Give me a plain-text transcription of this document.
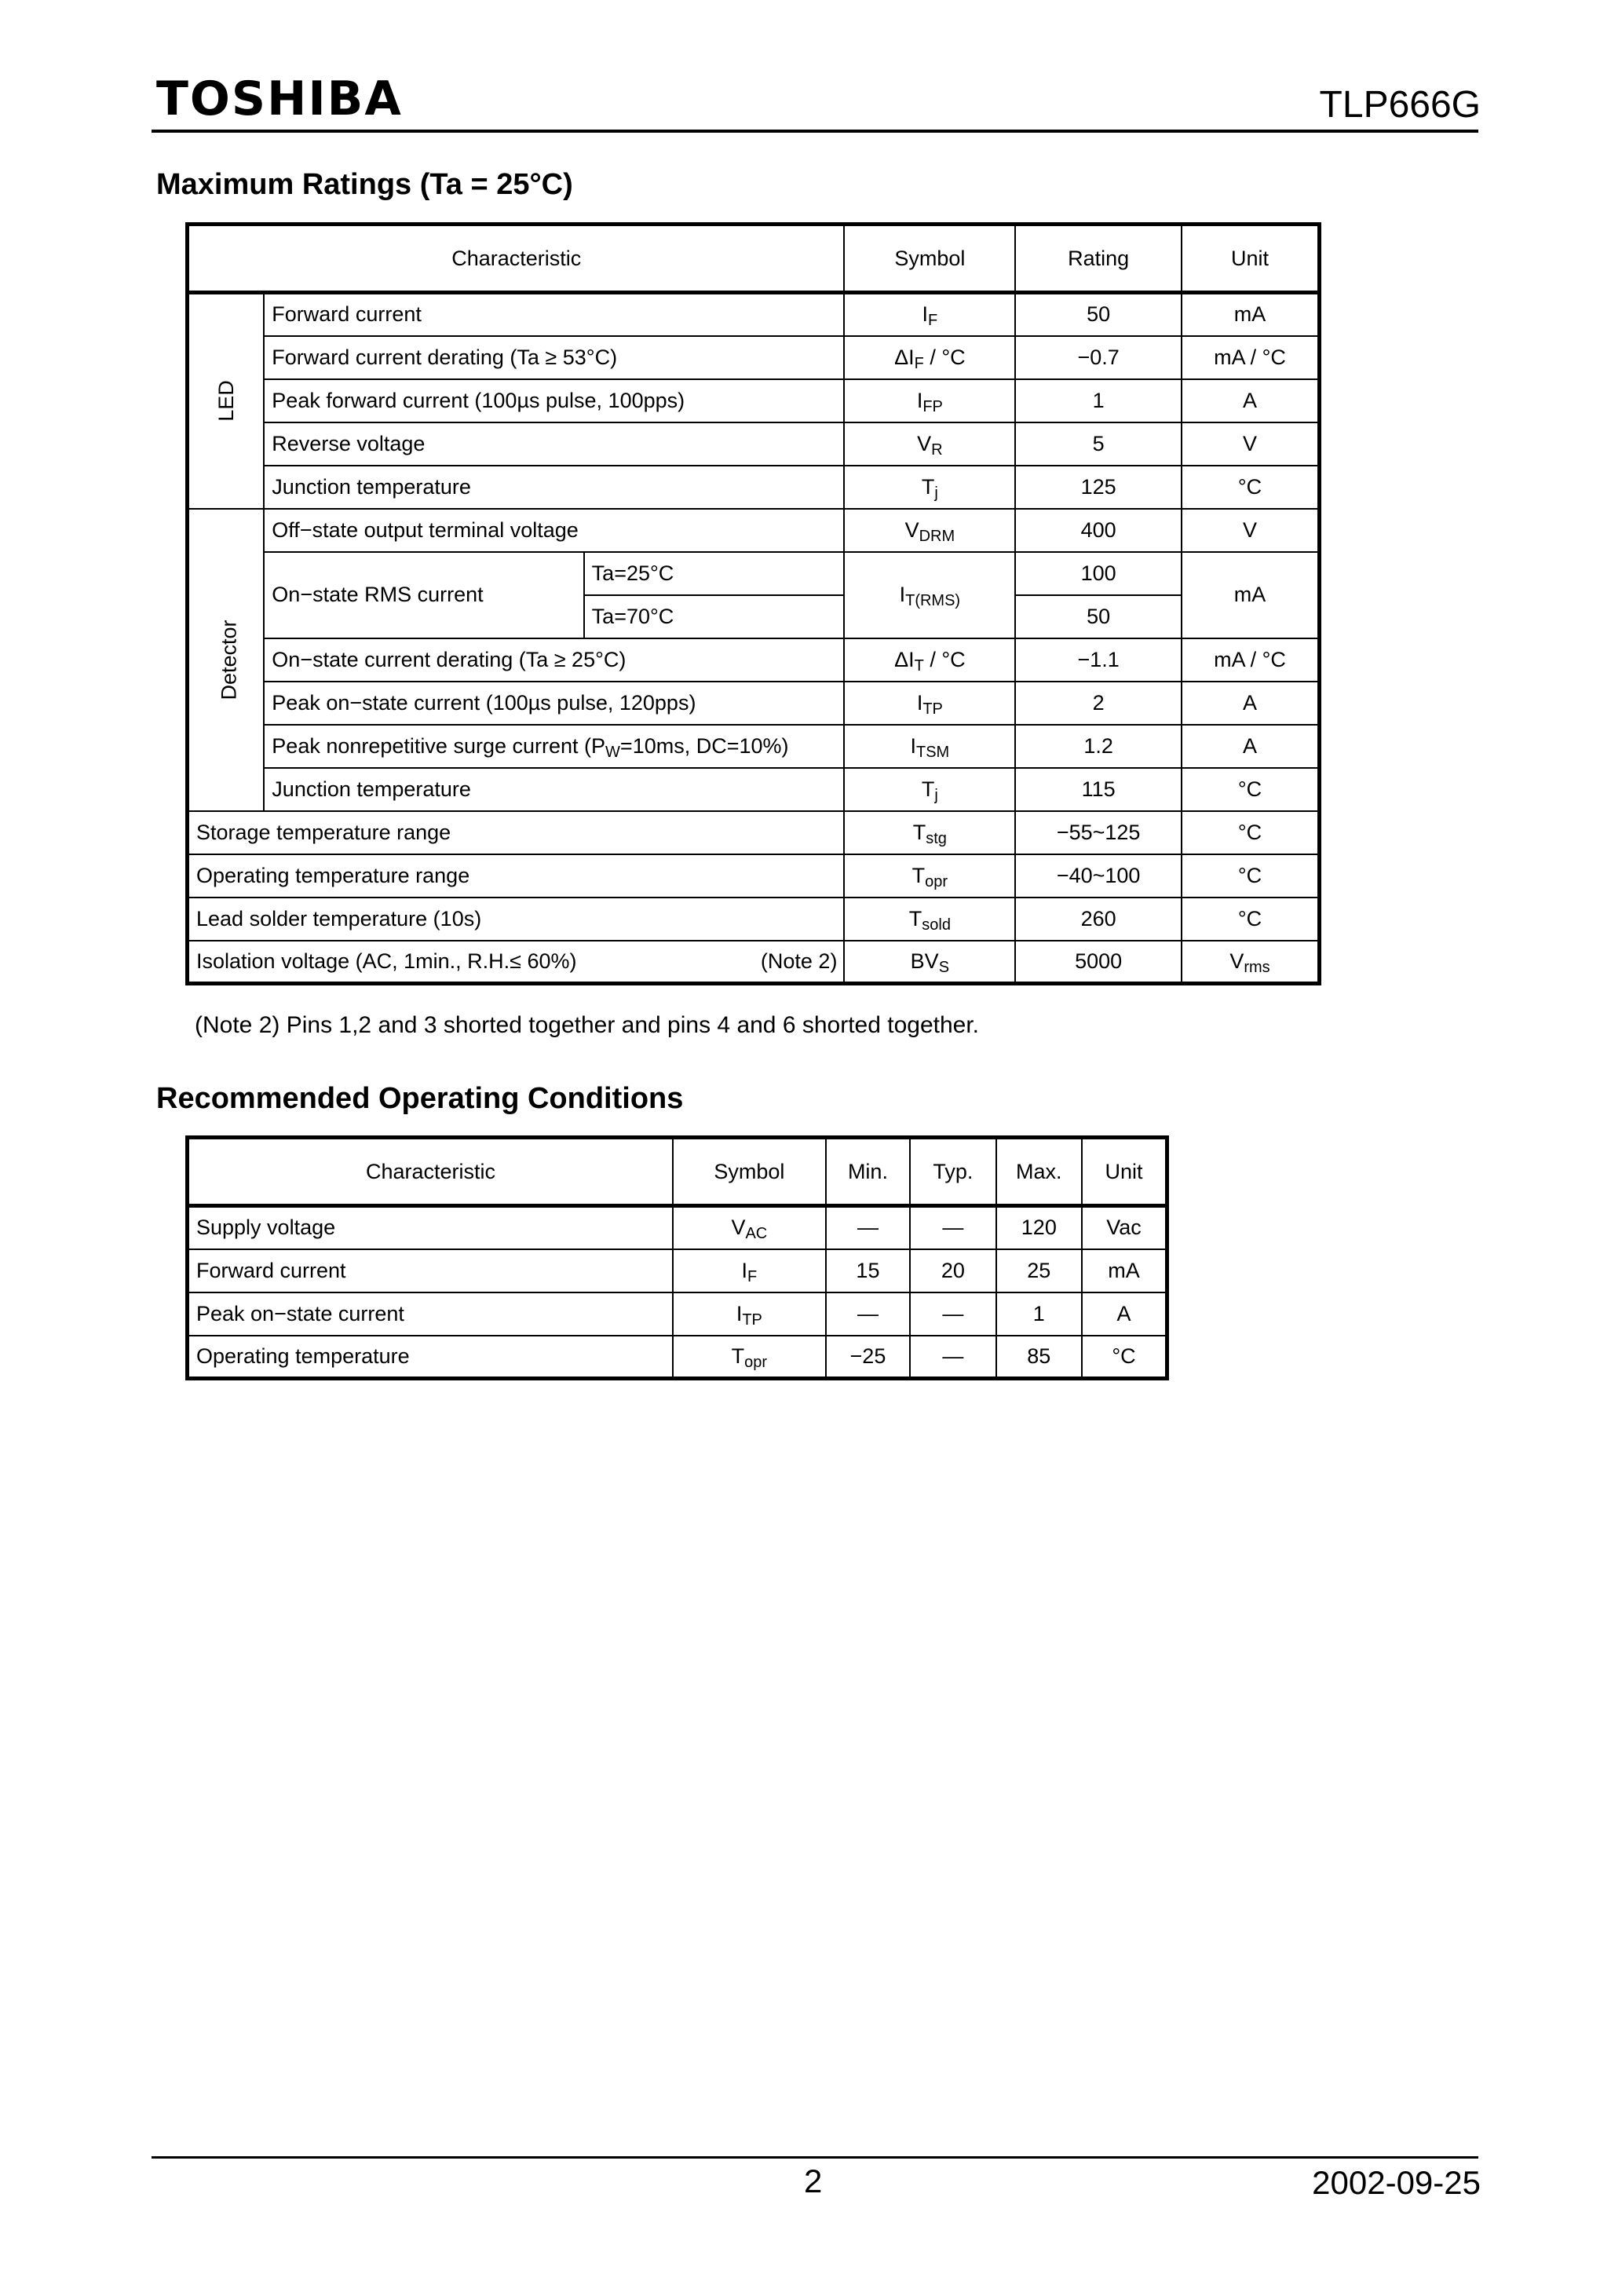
TOSHIBA	TLP666G
Maximum Ratings (Ta = 25°C)
Characteristic			Symbol	Rating	Unit
LED	Forward current		$I_F$	50	mA
	Forward current derating (Ta ≥ 53°C)		$\Delta I_F / ^\circ C$	−0.7	mA / °C
	Peak forward current (100µs pulse, 100pps)		$I_{FP}$	1	A
	Reverse voltage		$V_R$	5	V
	Junction temperature		$T_j$	125	°C
Detector	Off−state output terminal voltage		$V_{DRM}$	400	V
	On−state RMS current	Ta=25°C	$I_{T(RMS)}$	100	mA
		Ta=70°C		50	
	On−state current derating (Ta ≥ 25°C)		$\Delta I_T / ^\circ C$	−1.1	mA / °C
	Peak on−state current (100µs pulse, 120pps)		$I_{TP}$	2	A
	Peak nonrepetitive surge current ($P_W=10ms$, DC=10%)		$I_{TSM}$	1.2	A
	Junction temperature		$T_j$	115	°C
Storage temperature range			$T_{stg}$	−55~125	°C
Operating temperature range			$T_{opr}$	−40~100	°C
Lead solder temperature (10s)			$T_{sold}$	260	°C
Isolation voltage (AC, 1min., R.H.≤ 60%) (Note 2)			$BV_S$	5000	$V_{rms}$
(Note 2) Pins 1,2 and 3 shorted together and pins 4 and 6 shorted together.
Recommended Operating Conditions
Characteristic	Symbol	Min.	Typ.	Max.	Unit
Supply voltage	$V_{AC}$	—	—	120	Vac
Forward current	$I_F$	15	20	25	mA
Peak on−state current	$I_{TP}$	—	—	1	A
Operating temperature	$T_{opr}$	−25	—	85	°C
2	2002-09-25
